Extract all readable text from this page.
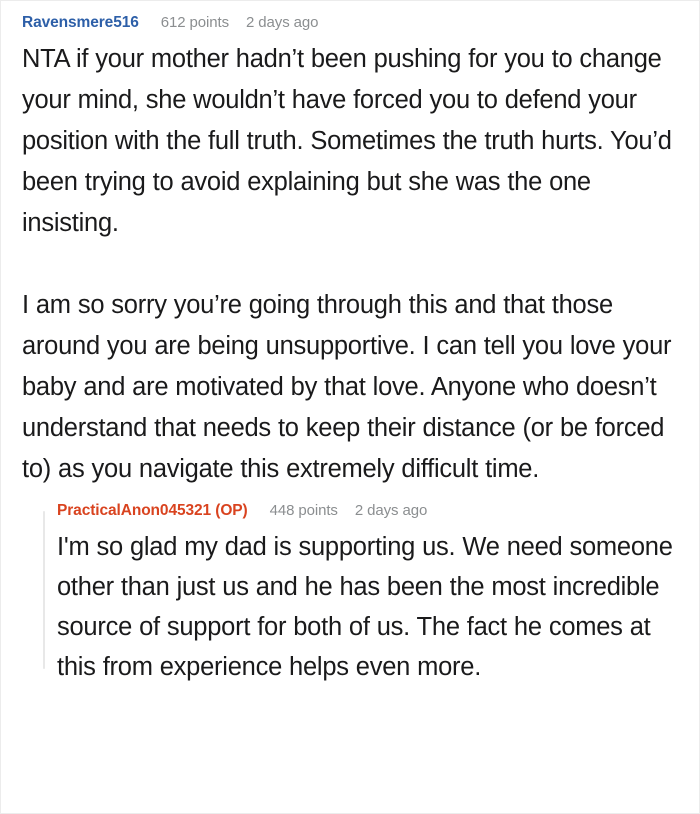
Ravensmere516 612 points 2 days ago

NTA if your mother hadn’t been pushing for you to change your mind, she wouldn’t have forced you to defend your position with the full truth. Sometimes the truth hurts. You’d been trying to avoid explaining but she was the one insisting.

I am so sorry you’re going through this and that those around you are being unsupportive. I can tell you love your baby and are motivated by that love. Anyone who doesn’t understand that needs to keep their distance (or be forced to) as you navigate this extremely difficult time.

PracticalAnon045321 (OP) 448 points 2 days ago

I'm so glad my dad is supporting us. We need someone other than just us and he has been the most incredible source of support for both of us. The fact he comes at this from experience helps even more.
